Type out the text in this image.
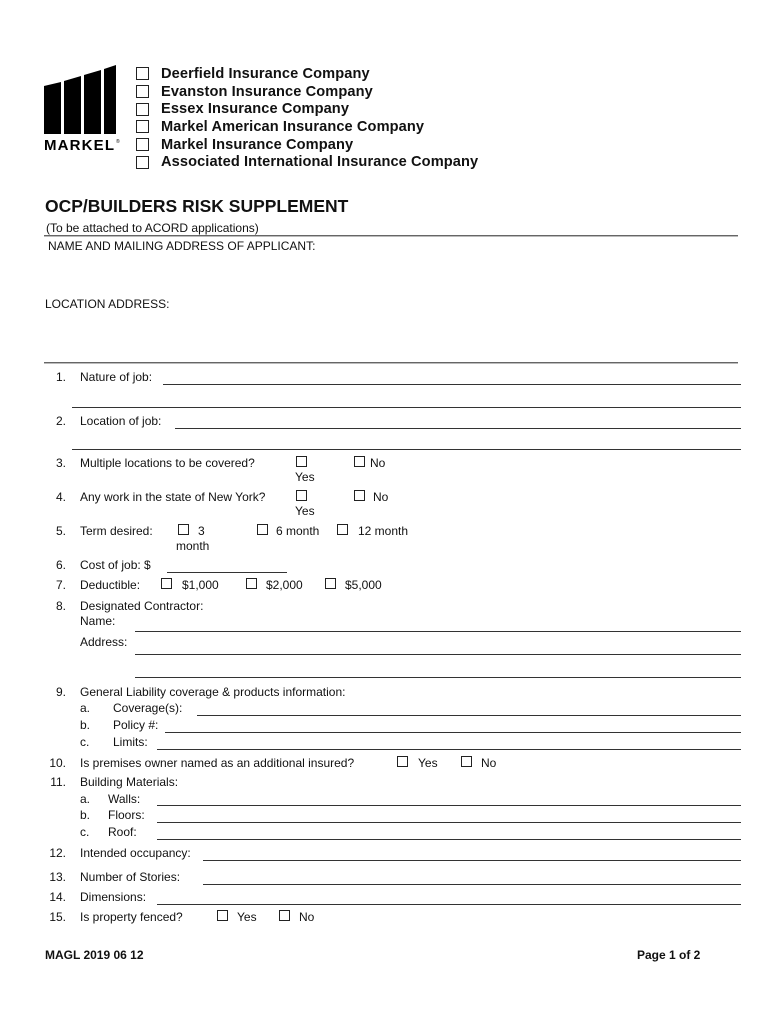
MARKEL ®
Deerfield Insurance Company
Evanston Insurance Company
Essex Insurance Company
Markel American Insurance Company
Markel Insurance Company
Associated International Insurance Company
OCP/BUILDERS RISK SUPPLEMENT
(To be attached to ACORD applications)
NAME AND MAILING ADDRESS OF APPLICANT:
LOCATION ADDRESS:
1. Nature of job:
2. Location of job:
3. Multiple locations to be covered?
Yes
No
4. Any work in the state of New York?
Yes
No
5. Term desired:	3
month
6 month	12 month
6. Cost of job: $
7. Deductible:	$1,000	$2,000	$5,000
8. Designated Contractor:
Name:
Address:
9. General Liability coverage & products information:
a. Coverage(s):
b. Policy #:
c. Limits:
10. Is premises owner named as an additional insured?	Yes	No
11. Building Materials:
a. Walls:
b. Floors:
c. Roof:
12. Intended occupancy:
13. Number of Stories:
14. Dimensions:
15. Is property fenced?	Yes	No
MAGL 2019 06 12	Page 1 of 2
